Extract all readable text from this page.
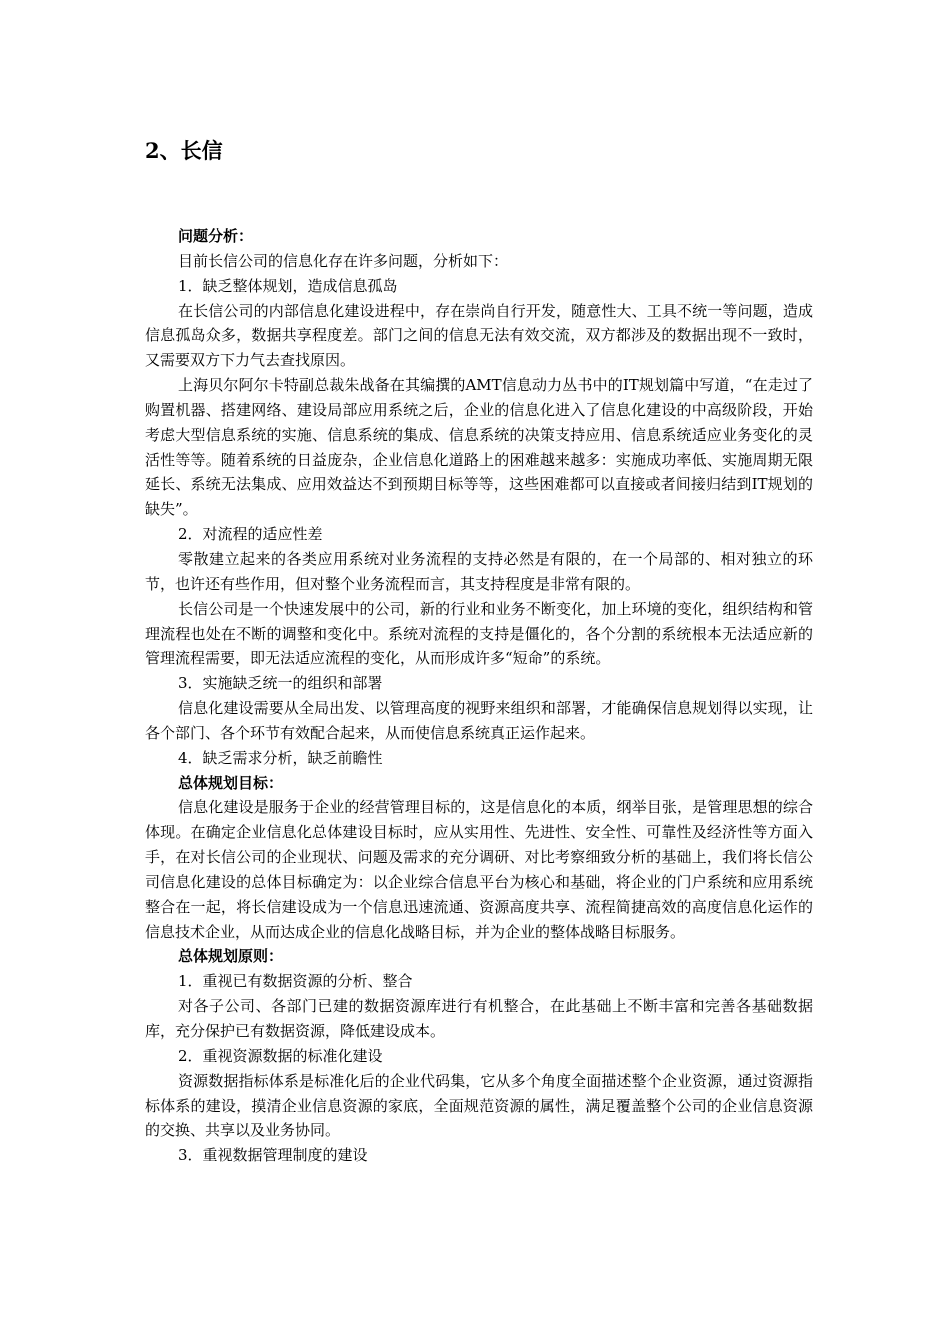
2、长信

问题分析：

目前长信公司的信息化存在许多问题，分析如下：

1．缺乏整体规划，造成信息孤岛

在长信公司的内部信息化建设进程中，存在崇尚自行开发，随意性大、工具不统一等问题，造成信息孤岛众多，数据共享程度差。部门之间的信息无法有效交流，双方都涉及的数据出现不一致时，又需要双方下力气去查找原因。

上海贝尔阿尔卡特副总裁朱战备在其编撰的AMT信息动力丛书中的IT规划篇中写道，“在走过了购置机器、搭建网络、建设局部应用系统之后，企业的信息化进入了信息化建设的中高级阶段，开始考虑大型信息系统的实施、信息系统的集成、信息系统的决策支持应用、信息系统适应业务变化的灵活性等等。随着系统的日益庞杂，企业信息化道路上的困难越来越多：实施成功率低、实施周期无限延长、系统无法集成、应用效益达不到预期目标等等，这些困难都可以直接或者间接归结到IT规划的缺失”。

2．对流程的适应性差

零散建立起来的各类应用系统对业务流程的支持必然是有限的，在一个局部的、相对独立的环节，也许还有些作用，但对整个业务流程而言，其支持程度是非常有限的。

长信公司是一个快速发展中的公司，新的行业和业务不断变化，加上环境的变化，组织结构和管理流程也处在不断的调整和变化中。系统对流程的支持是僵化的，各个分割的系统根本无法适应新的管理流程需要，即无法适应流程的变化，从而形成许多“短命”的系统。

3．实施缺乏统一的组织和部署

信息化建设需要从全局出发、以管理高度的视野来组织和部署，才能确保信息规划得以实现，让各个部门、各个环节有效配合起来，从而使信息系统真正运作起来。

4．缺乏需求分析，缺乏前瞻性

总体规划目标：

信息化建设是服务于企业的经营管理目标的，这是信息化的本质，纲举目张，是管理思想的综合体现。在确定企业信息化总体建设目标时，应从实用性、先进性、安全性、可靠性及经济性等方面入手，在对长信公司的企业现状、问题及需求的充分调研、对比考察细致分析的基础上，我们将长信公司信息化建设的总体目标确定为：以企业综合信息平台为核心和基础，将企业的门户系统和应用系统整合在一起，将长信建设成为一个信息迅速流通、资源高度共享、流程简捷高效的高度信息化运作的信息技术企业，从而达成企业的信息化战略目标，并为企业的整体战略目标服务。

总体规划原则：

1．重视已有数据资源的分析、整合

对各子公司、各部门已建的数据资源库进行有机整合，在此基础上不断丰富和完善各基础数据库，充分保护已有数据资源，降低建设成本。

2．重视资源数据的标准化建设

资源数据指标体系是标准化后的企业代码集，它从多个角度全面描述整个企业资源，通过资源指标体系的建设，摸清企业信息资源的家底，全面规范资源的属性，满足覆盖整个公司的企业信息资源的交换、共享以及业务协同。

3．重视数据管理制度的建设
